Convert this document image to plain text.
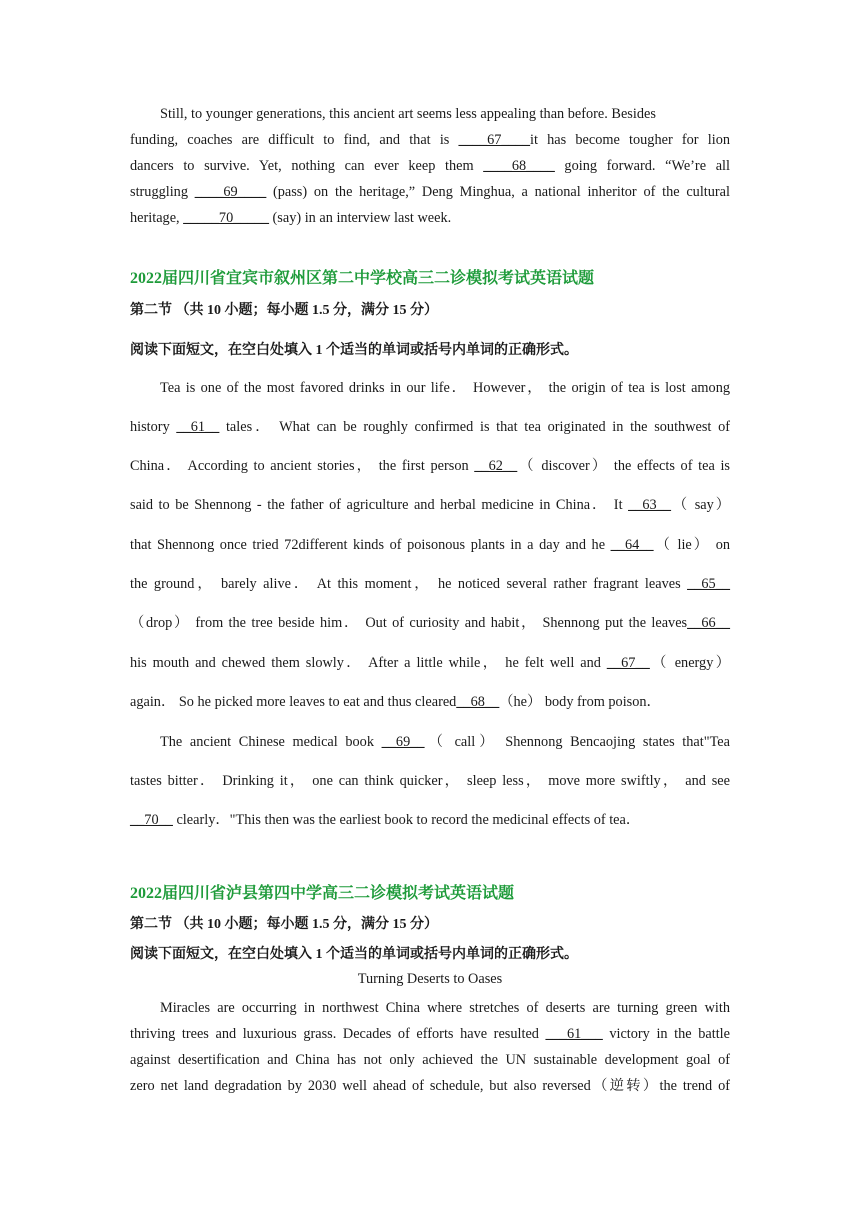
Still, to younger generations, this ancient art seems less appealing than before. Besides
funding, coaches are difficult to find, and that is ____67____it has become tougher for lion
dancers to survive. Yet, nothing can ever keep them ____68____ going forward. “We’re all
struggling ____69____ (pass) on the heritage,” Deng Minghua, a national inheritor of the cultural
heritage, _____70_____ (say) in an interview last week.
2022届四川省宜宾市叙州区第二中学校高三二诊模拟考试英语试题
第二节 （共 10 小题；每小题 1.5 分，满分 15 分）
阅读下面短文，在空白处填入 1 个适当的单词或括号内单词的正确形式。
Tea is one of the most favored drinks in our life． However， the origin of tea is lost among
history __61__ tales． What can be roughly confirmed is that tea originated in the southwest of
China． According to ancient stories， the first person __62__（ discover） the effects of tea is
said to be Shennong - the father of agriculture and herbal medicine in China． It __63__（ say）
that Shennong once tried 72different kinds of poisonous plants in a day and he __64__（ lie） on
the ground， barely alive． At this moment， he noticed several rather fragrant leaves __65__
（drop） from the tree beside him． Out of curiosity and habit， Shennong put the leaves__66__
his mouth and chewed them slowly． After a little while， he felt well and __67__（ energy）
again． So he picked more leaves to eat and thus cleared__68__（he） body from poison．
The ancient Chinese medical book __69__（ call） Shennong Bencaojing states that"Tea
tastes bitter． Drinking it， one can think quicker， sleep less， move more swiftly， and see
__70__ clearly．"This then was the earliest book to record the medicinal effects of tea．
2022届四川省泸县第四中学高三二诊模拟考试英语试题
第二节 （共 10 小题；每小题 1.5 分，满分 15 分）
阅读下面短文，在空白处填入 1 个适当的单词或括号内单词的正确形式。
Turning Deserts to Oases
Miracles are occurring in northwest China where stretches of deserts are turning green with
thriving trees and luxurious grass. Decades of efforts have resulted ___61___ victory in the battle
against desertification and China has not only achieved the UN sustainable development goal of
zero net land degradation by 2030 well ahead of schedule, but also reversed（逆转）the trend of
